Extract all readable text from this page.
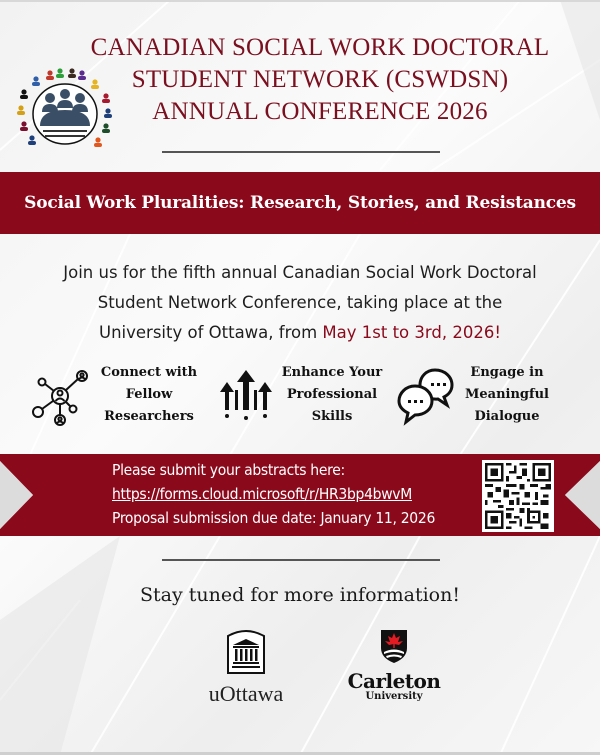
CANADIAN SOCIAL WORK DOCTORAL
STUDENT NETWORK (CSWDSN)
ANNUAL CONFERENCE 2026
Social Work Pluralities: Research, Stories, and Resistances
Join us for the fifth annual Canadian Social Work Doctoral
Student Network Conference, taking place at the
University of Ottawa, from May 1st to 3rd, 2026!
Connect with
Fellow
Researchers
Enhance Your
Professional
Skills
Engage in
Meaningful
Dialogue
Please submit your abstracts here:
https://forms.cloud.microsoft/r/HR3bp4bwvM
Proposal submission due date: January 11, 2026
Stay tuned for more information!
uOttawa	Carleton
University
